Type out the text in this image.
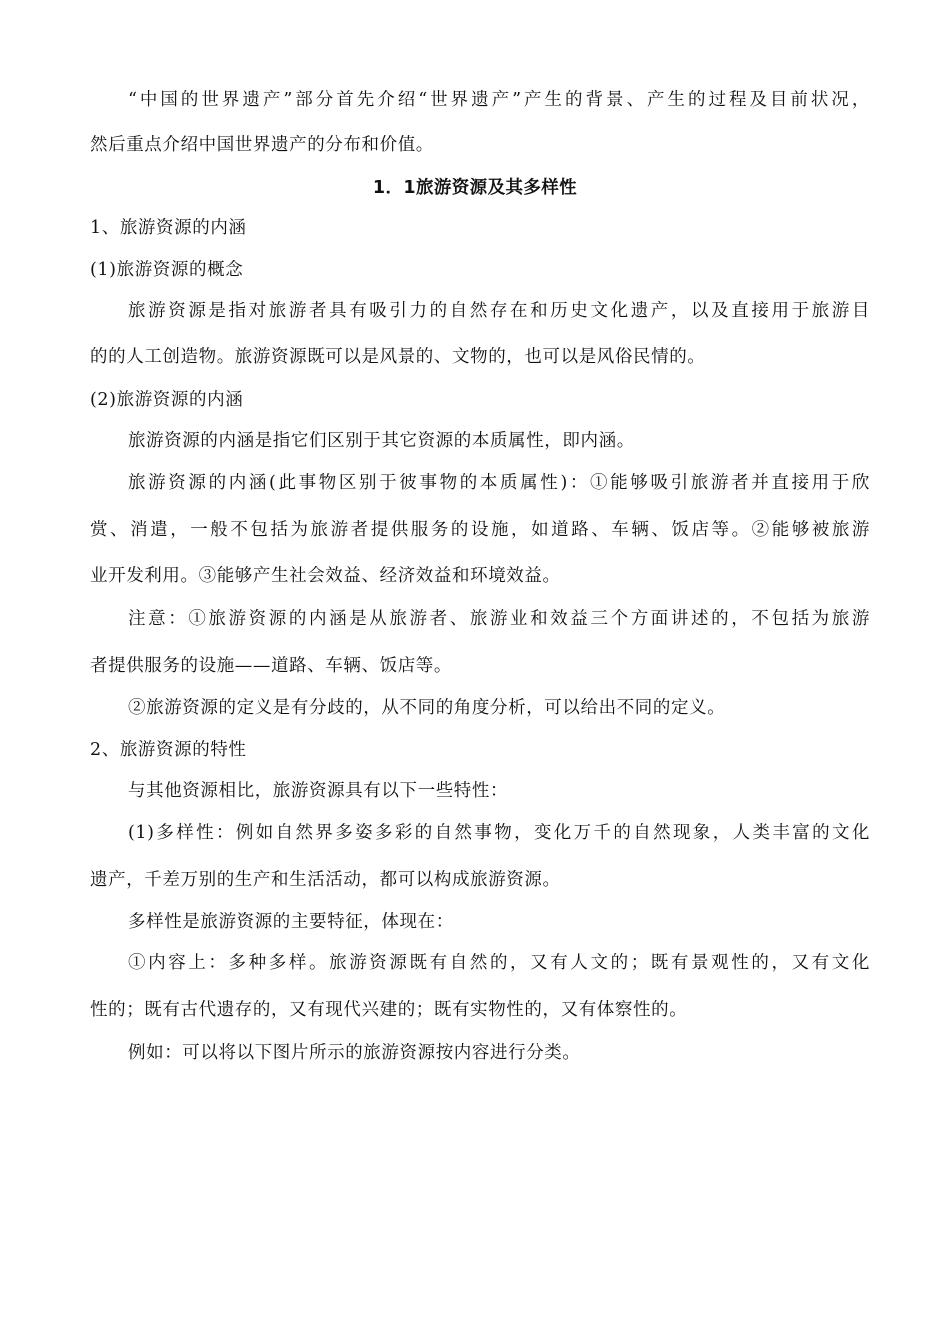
“中国的世界遗产”部分首先介绍“世界遗产”产生的背景、产生的过程及目前状况，
然后重点介绍中国世界遗产的分布和价值。
1．1旅游资源及其多样性
1、旅游资源的内涵
(1)旅游资源的概念
旅游资源是指对旅游者具有吸引力的自然存在和历史文化遗产，以及直接用于旅游目
的的人工创造物。旅游资源既可以是风景的、文物的，也可以是风俗民情的。
(2)旅游资源的内涵
旅游资源的内涵是指它们区别于其它资源的本质属性，即内涵。
旅游资源的内涵(此事物区别于彼事物的本质属性)：①能够吸引旅游者并直接用于欣
赏、消遣，一般不包括为旅游者提供服务的设施，如道路、车辆、饭店等。②能够被旅游
业开发利用。③能够产生社会效益、经济效益和环境效益。
注意：①旅游资源的内涵是从旅游者、旅游业和效益三个方面讲述的，不包括为旅游
者提供服务的设施——道路、车辆、饭店等。
②旅游资源的定义是有分歧的，从不同的角度分析，可以给出不同的定义。
2、旅游资源的特性
与其他资源相比，旅游资源具有以下一些特性：
(1)多样性：例如自然界多姿多彩的自然事物，变化万千的自然现象，人类丰富的文化
遗产，千差万别的生产和生活活动，都可以构成旅游资源。
多样性是旅游资源的主要特征，体现在：
①内容上：多种多样。旅游资源既有自然的，又有人文的；既有景观性的，又有文化
性的；既有古代遗存的，又有现代兴建的；既有实物性的，又有体察性的。
例如：可以将以下图片所示的旅游资源按内容进行分类。
